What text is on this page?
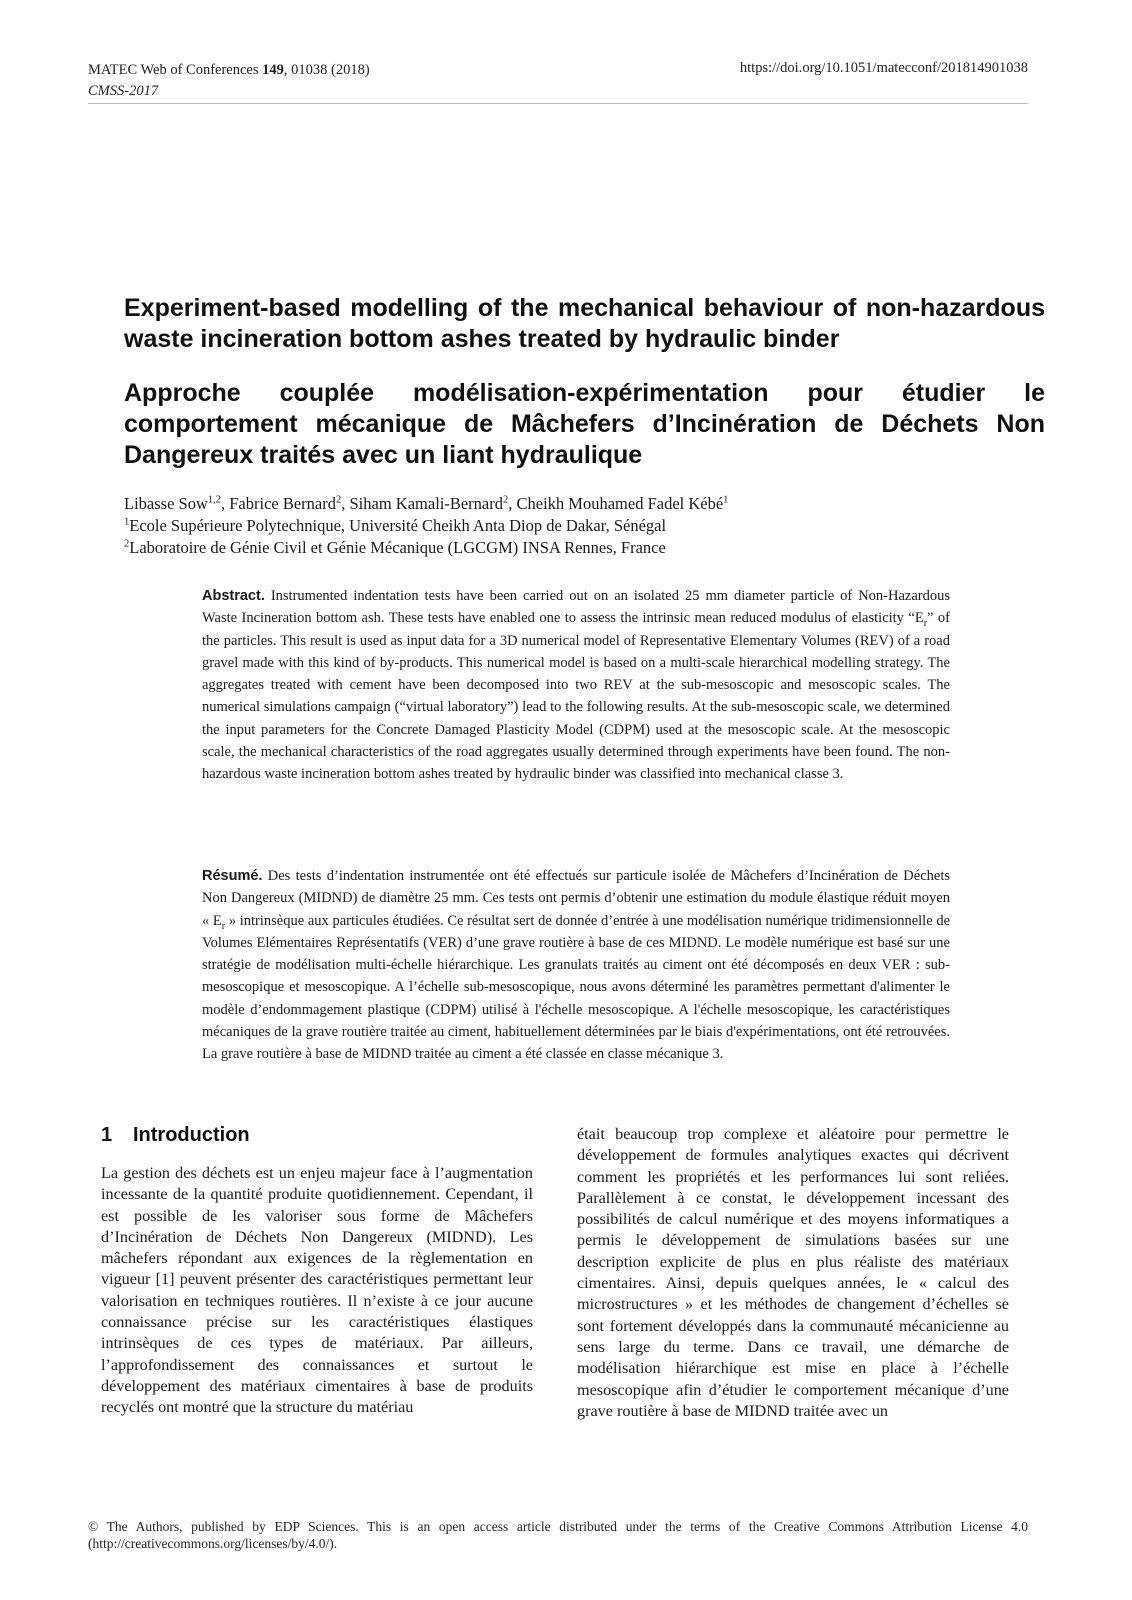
MATEC Web of Conferences 149, 01038 (2018)
CMSS-2017
https://doi.org/10.1051/matecconf/201814901038

Experiment-based modelling of the mechanical behaviour of non-hazardous waste incineration bottom ashes treated by hydraulic binder

Approche couplée modélisation-expérimentation pour étudier le comportement mécanique de Mâchefers d’Incinération de Déchets Non Dangereux traités avec un liant hydraulique

Libasse Sow$^{1,2}$, Fabrice Bernard$^2$, Siham Kamali-Bernard$^2$, Cheikh Mouhamed Fadel Kébé$^1$
$^1$Ecole Supérieure Polytechnique, Université Cheikh Anta Diop de Dakar, Sénégal
$^2$Laboratoire de Génie Civil et Génie Mécanique (LGCGM) INSA Rennes, France
Abstract. Instrumented indentation tests have been carried out on an isolated 25 mm diameter particle of Non-Hazardous Waste Incineration bottom ash. These tests have enabled one to assess the intrinsic mean reduced modulus of elasticity “$E_r$” of the particles. This result is used as input data for a 3D numerical model of Representative Elementary Volumes (REV) of a road gravel made with this kind of by-products. This numerical model is based on a multi-scale hierarchical modelling strategy. The aggregates treated with cement have been decomposed into two REV at the sub-mesoscopic and mesoscopic scales. The numerical simulations campaign (“virtual laboratory”) lead to the following results. At the sub-mesoscopic scale, we determined the input parameters for the Concrete Damaged Plasticity Model (CDPM) used at the mesoscopic scale. At the mesoscopic scale, the mechanical characteristics of the road aggregates usually determined through experiments have been found. The non-hazardous waste incineration bottom ashes treated by hydraulic binder was classified into mechanical classe 3.
Résumé. Des tests d’indentation instrumentée ont été effectués sur particule isolée de Mâchefers d’Incinération de Déchets Non Dangereux (MIDND) de diamètre 25 mm. Ces tests ont permis d’obtenir une estimation du module élastique réduit moyen « $E_r$ » intrinsèque aux particules étudiées. Ce résultat sert de donnée d’entrée à une modélisation numérique tridimensionnelle de Volumes Elémentaires Représentatifs (VER) d’une grave routière à base de ces MIDND. Le modèle numérique est basé sur une stratégie de modélisation multi-échelle hiérarchique. Les granulats traités au ciment ont été décomposés en deux VER : sub-mesoscopique et mesoscopique. A l’échelle sub-mesoscopique, nous avons déterminé les paramètres permettant d'alimenter le modèle d’endommagement plastique (CDPM) utilisé à l'échelle mesoscopique. A l'échelle mesoscopique, les caractéristiques mécaniques de la grave routière traitée au ciment, habituellement déterminées par le biais d'expérimentations, ont été retrouvées. La grave routière à base de MIDND traitée au ciment a été classée en classe mécanique 3.
1 Introduction
La gestion des déchets est un enjeu majeur face à l’augmentation incessante de la quantité produite quotidiennement. Cependant, il est possible de les valoriser sous forme de Mâchefers d’Incinération de Déchets Non Dangereux (MIDND). Les mâchefers répondant aux exigences de la règlementation en vigueur [1] peuvent présenter des caractéristiques permettant leur valorisation en techniques routières. Il n’existe à ce jour aucune connaissance précise sur les caractéristiques élastiques intrinsèques de ces types de matériaux. Par ailleurs, l’approfondissement des connaissances et surtout le développement des matériaux cimentaires à base de produits recyclés ont montré que la structure du matériau
était beaucoup trop complexe et aléatoire pour permettre le développement de formules analytiques exactes qui décrivent comment les propriétés et les performances lui sont reliées. Parallèlement à ce constat, le développement incessant des possibilités de calcul numérique et des moyens informatiques a permis le développement de simulations basées sur une description explicite de plus en plus réaliste des matériaux cimentaires. Ainsi, depuis quelques années, le « calcul des microstructures » et les méthodes de changement d’échelles se sont fortement développés dans la communauté mécanicienne au sens large du terme. Dans ce travail, une démarche de modélisation hiérarchique est mise en place à l’échelle mesoscopique afin d’étudier le comportement mécanique d’une grave routière à base de MIDND traitée avec un
© The Authors, published by EDP Sciences. This is an open access article distributed under the terms of the Creative Commons Attribution License 4.0 (http://creativecommons.org/licenses/by/4.0/).
